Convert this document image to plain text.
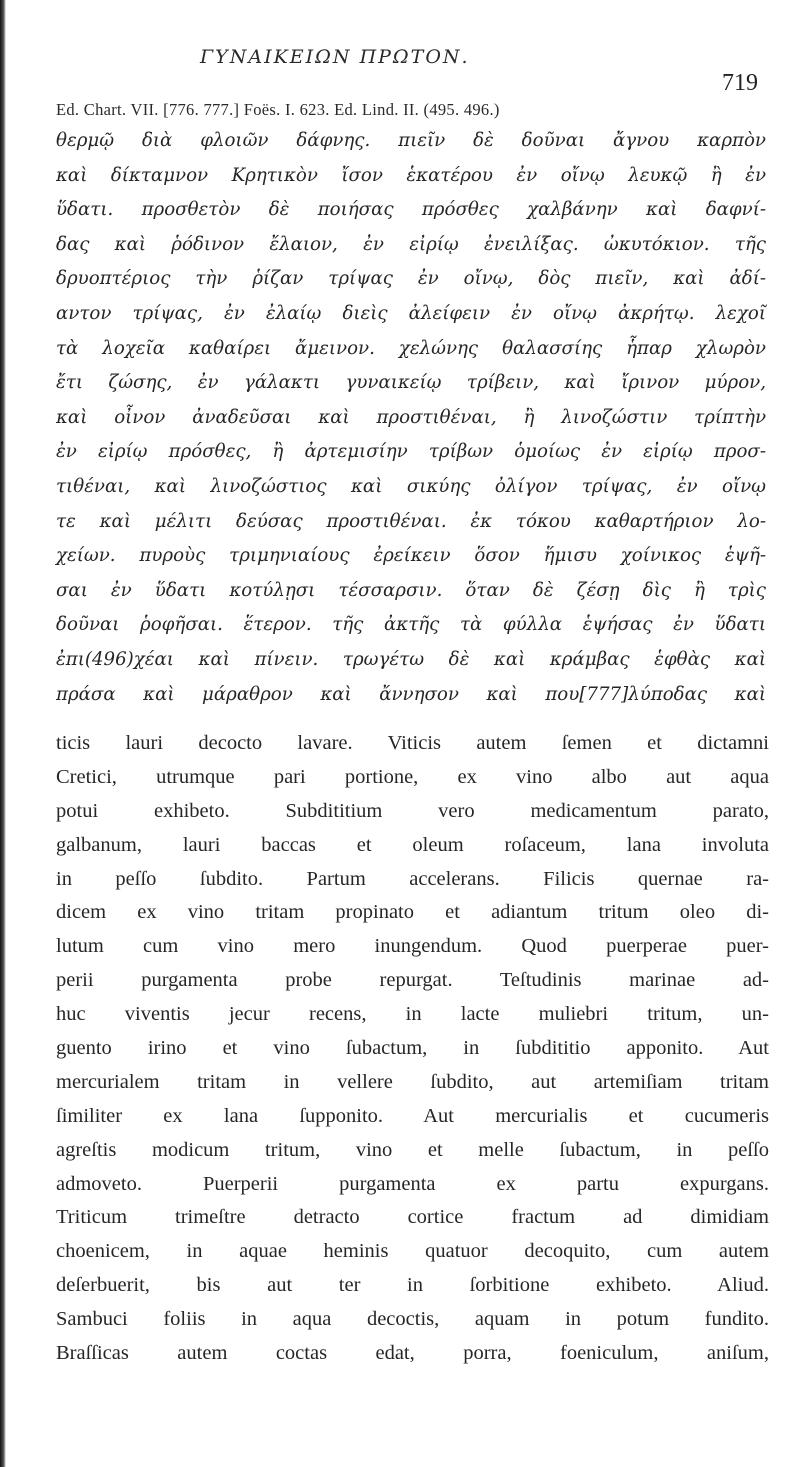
ΓΥΝΑΙΚΕΙΩΝ ΠΡΩΤΟΝ.
719
Ed. Chart. VII. [776. 777.] Foës. I. 623. Ed. Lind. II. (495. 496.)
θερμῷ διὰ φλοιῶν δάφνης. πιεῖν δὲ δοῦναι ἄγνου καρπὸν
καὶ δίκταμνον Κρητικὸν ἴσον ἑκατέρου ἐν οἴνῳ λευκῷ ἢ ἐν
ὕδατι. προσθετὸν δὲ ποιήσας πρόσθες χαλβάνην καὶ δαφνί-
δας καὶ ῥόδινον ἔλαιον, ἐν εἰρίῳ ἐνειλίξας. ὠκυτόκιον. τῆς
δρυοπτέριος τὴν ῥίζαν τρίψας ἐν οἴνῳ, δὸς πιεῖν, καὶ ἀδί-
αντον τρίψας, ἐν ἐλαίῳ διεὶς ἀλείφειν ἐν οἴνῳ ἀκρήτῳ. λεχοῖ
τὰ λοχεῖα καθαίρει ἄμεινον. χελώνης θαλασσίης ἧπαρ χλωρὸν
ἔτι ζώσης, ἐν γάλακτι γυναικείῳ τρίβειν, καὶ ἴρινον μύρον,
καὶ οἶνον ἀναδεῦσαι καὶ προστιθέναι, ἢ λινοζώστιν τρίπτὴν
ἐν εἰρίῳ πρόσθες, ἢ ἀρτεμισίην τρίβων ὁμοίως ἐν εἰρίῳ προσ-
τιθέναι, καὶ λινοζώστιος καὶ σικύης ὀλίγον τρίψας, ἐν οἴνῳ
τε καὶ μέλιτι δεύσας προστιθέναι. ἐκ τόκου καθαρτήριον λο-
χείων. πυροὺς τριμηνιαίους ἐρείκειν ὅσον ἥμισυ χοίνικος ἑψῆ-
σαι ἐν ὕδατι κοτύλῃσι τέσσαρσιν. ὅταν δὲ ζέσῃ δὶς ἢ τρὶς
δοῦναι ῥοφῆσαι. ἕτερον. τῆς ἀκτῆς τὰ φύλλα ἑψήσας ἐν ὕδατι
ἐπι(496)χέαι καὶ πίνειν. τρωγέτω δὲ καὶ κράμβας ἑφθὰς καὶ
πράσα καὶ μάραθρον καὶ ἄννησον καὶ που[777]λύποδας καὶ
ticis lauri decocto lavare. Viticis autem ſemen et dictamni
Cretici, utrumque pari portione, ex vino albo aut aqua
potui exhibeto. Subdititium vero medicamentum parato,
galbanum, lauri baccas et oleum roſaceum, lana involuta
in peſſo ſubdito. Partum accelerans. Filicis quernae ra-
dicem ex vino tritam propinato et adiantum tritum oleo di-
lutum cum vino mero inungendum. Quod puerperae puer-
perii purgamenta probe repurgat. Teſtudinis marinae ad-
huc viventis jecur recens, in lacte muliebri tritum, un-
guento irino et vino ſubactum, in ſubdititio apponito. Aut
mercurialem tritam in vellere ſubdito, aut artemiſiam tritam
ſimiliter ex lana ſupponito. Aut mercurialis et cucumeris
agreſtis modicum tritum, vino et melle ſubactum, in peſſo
admoveto. Puerperii purgamenta ex partu expurgans.
Triticum trimeſtre detracto cortice fractum ad dimidiam
choenicem, in aquae heminis quatuor decoquito, cum autem
deſerbuerit, bis aut ter in ſorbitione exhibeto. Aliud.
Sambuci foliis in aqua decoctis, aquam in potum fundito.
Braſſicas autem coctas edat, porra, foeniculum, aniſum,
